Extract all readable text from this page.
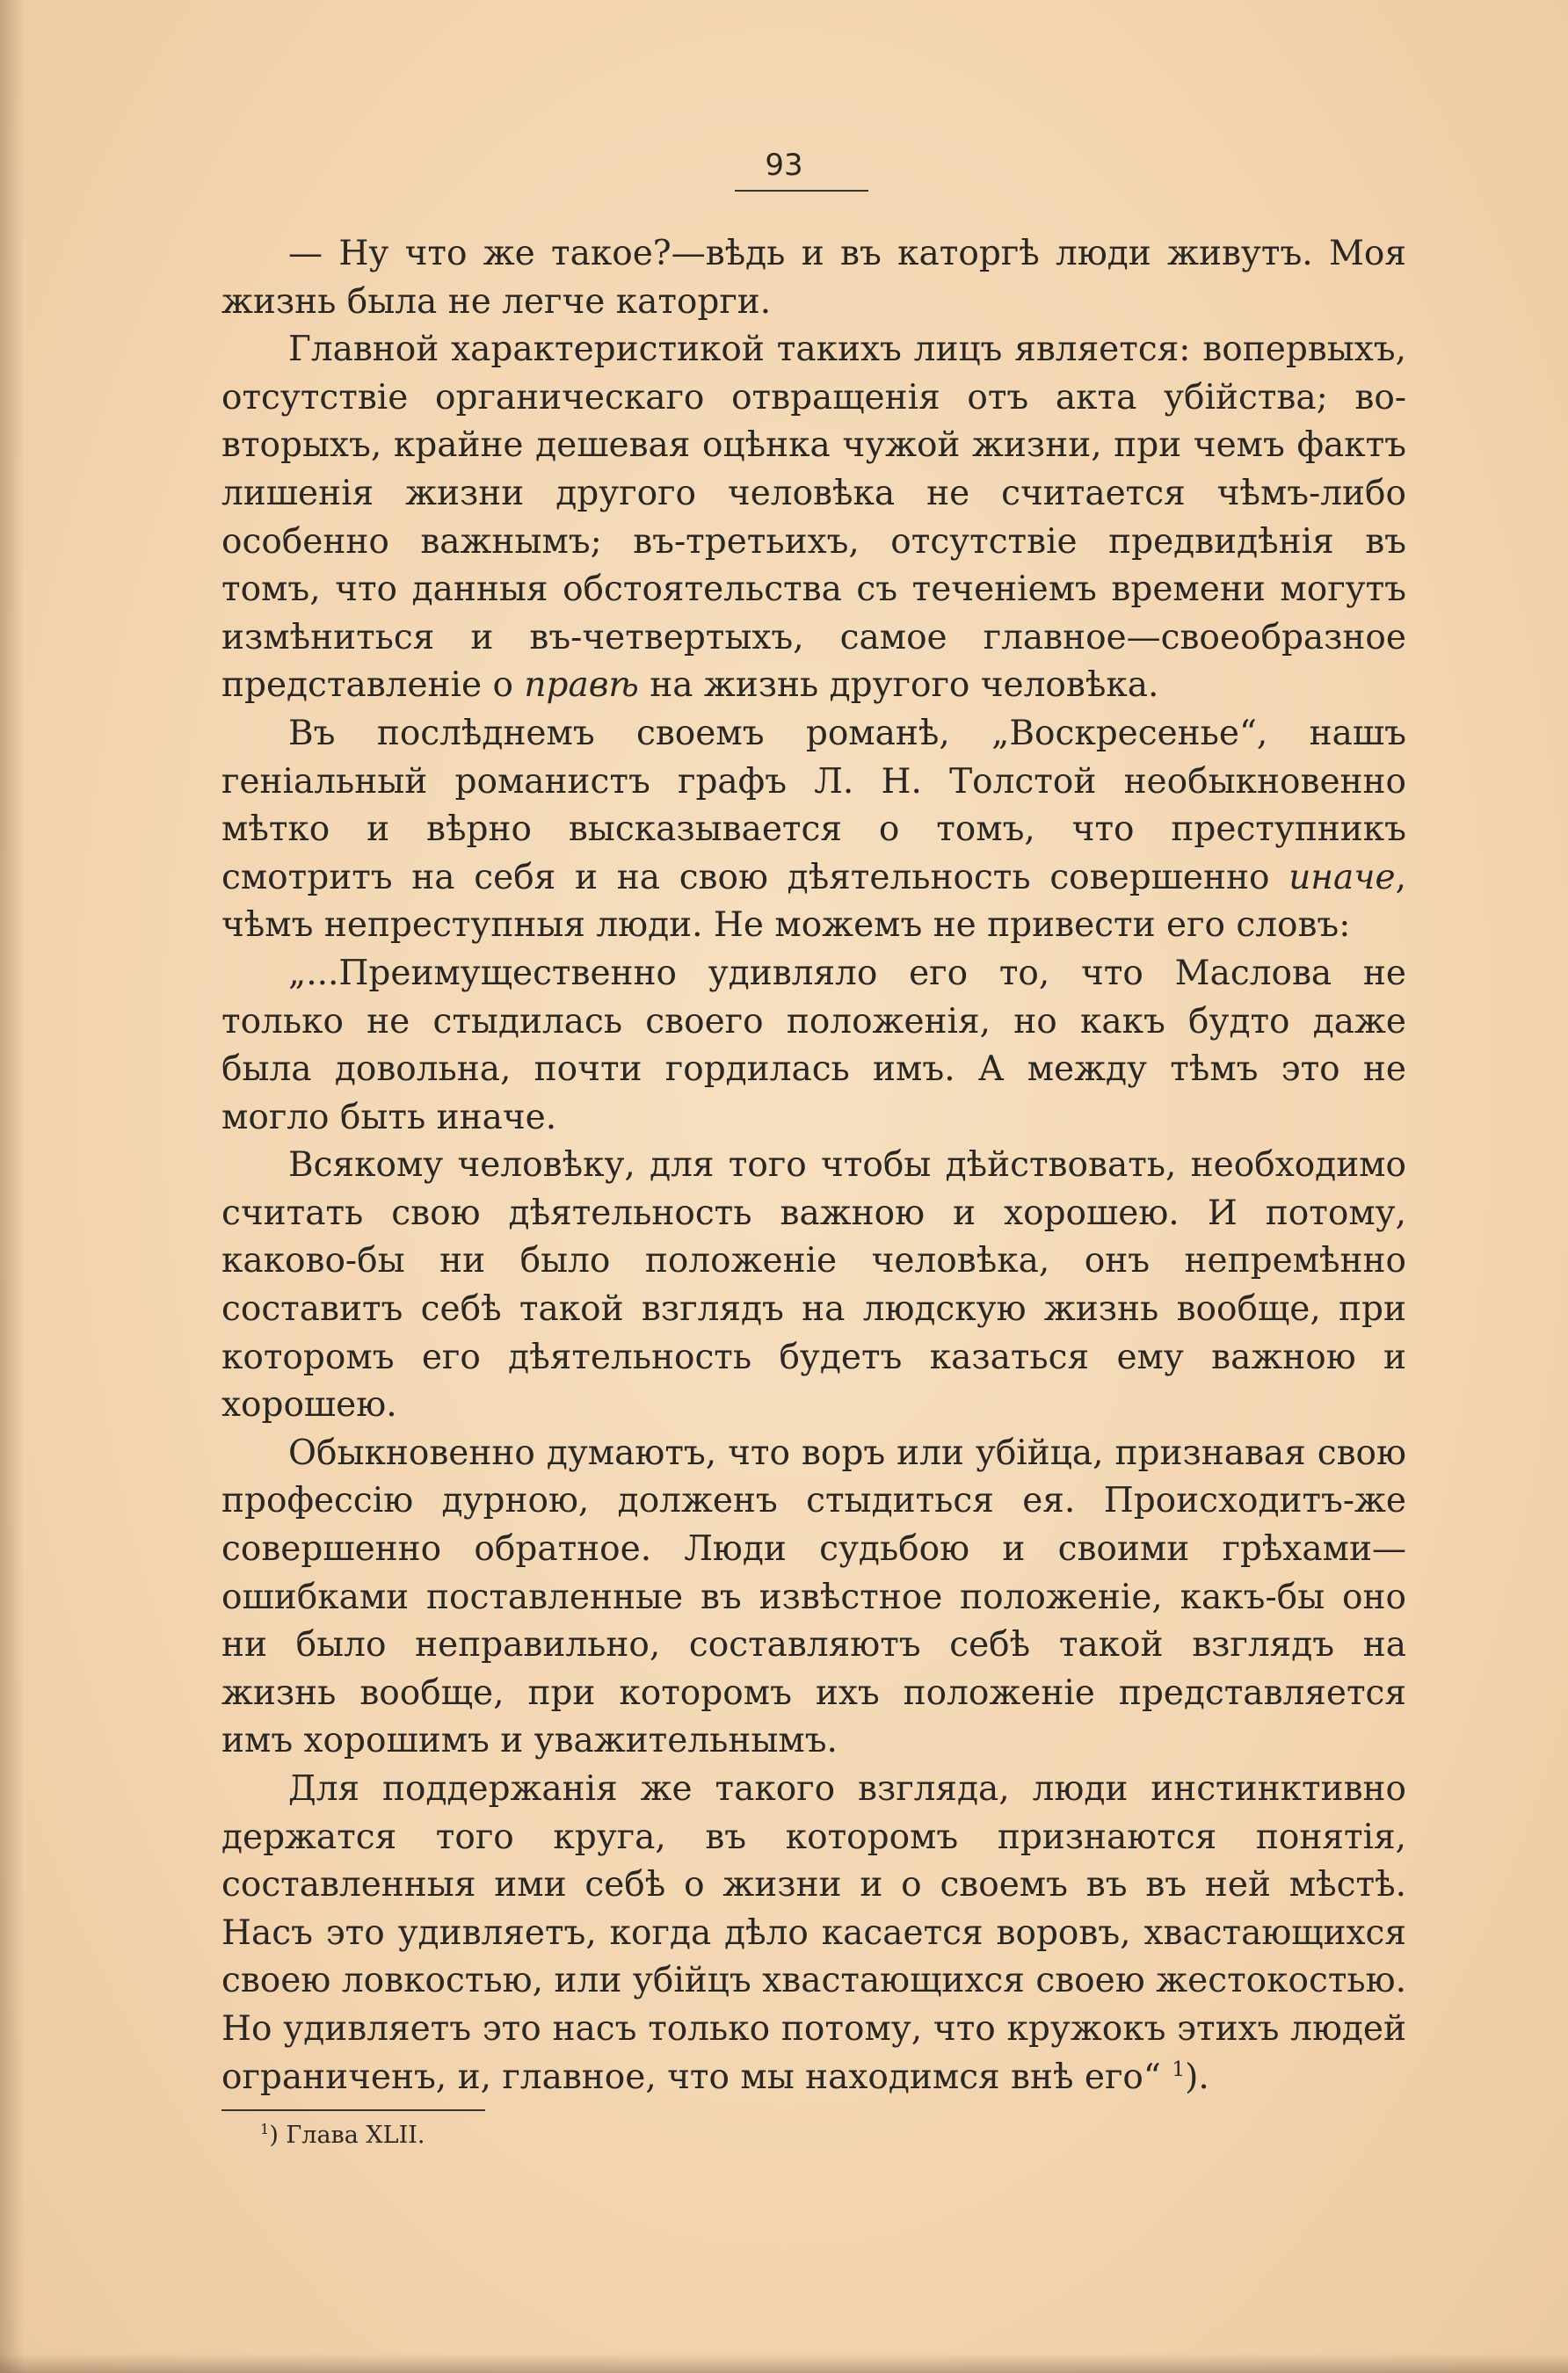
93

— Ну что же такое?—вѣдь и въ каторгѣ люди живутъ. Моя жизнь была не легче каторги.

Главной характеристикой такихъ лицъ является: вопервыхъ, отсутствіе органическаго отвращенія отъ акта убійства; во-вторыхъ, крайне дешевая оцѣнка чужой жизни, при чемъ фактъ лишенія жизни другого человѣка не считается чѣмъ-либо особенно важнымъ; въ-третьихъ, отсутствіе предвидѣнія въ томъ, что данныя обстоятельства съ теченіемъ времени могутъ измѣниться и въ-четвертыхъ, самое главное—своеобразное представленіе о правѣ на жизнь другого человѣка.

Въ послѣднемъ своемъ романѣ, „Воскресенье“, нашъ геніальный романистъ графъ Л. Н. Толстой необыкновенно мѣтко и вѣрно высказывается о томъ, что преступникъ смотритъ на себя и на свою дѣятельность совершенно иначе, чѣмъ непреступныя люди. Не можемъ не привести его словъ:

„...Преимущественно удивляло его то, что Маслова не только не стыдилась своего положенія, но какъ будто даже была довольна, почти гордилась имъ. А между тѣмъ это не могло быть иначе.

Всякому человѣку, для того чтобы дѣйствовать, необходимо считать свою дѣятельность важною и хорошею. И потому, каково-бы ни было положеніе человѣка, онъ непремѣнно составитъ себѣ такой взглядъ на людскую жизнь вообще, при которомъ его дѣятельность будетъ казаться ему важною и хорошею.

Обыкновенно думаютъ, что воръ или убійца, признавая свою профессію дурною, долженъ стыдиться ея. Происходитъ-же совершенно обратное. Люди судьбою и своими грѣхами—ошибками поставленные въ извѣстное положеніе, какъ-бы оно ни было неправильно, составляютъ себѣ такой взглядъ на жизнь вообще, при которомъ ихъ положеніе представляется имъ хорошимъ и уважительнымъ.

Для поддержанія же такого взгляда, люди инстинктивно держатся того круга, въ которомъ признаются понятія, составленныя ими себѣ о жизни и о своемъ въ въ ней мѣстѣ. Насъ это удивляетъ, когда дѣло касается воровъ, хвастающихся своею ловкостью, или убійцъ хвастающихся своею жестокостью. Но удивляетъ это насъ только потому, что кружокъ этихъ людей ограниченъ, и, главное, что мы находимся внѣ его“ $^1$).

$^1$) Глава XLII.
